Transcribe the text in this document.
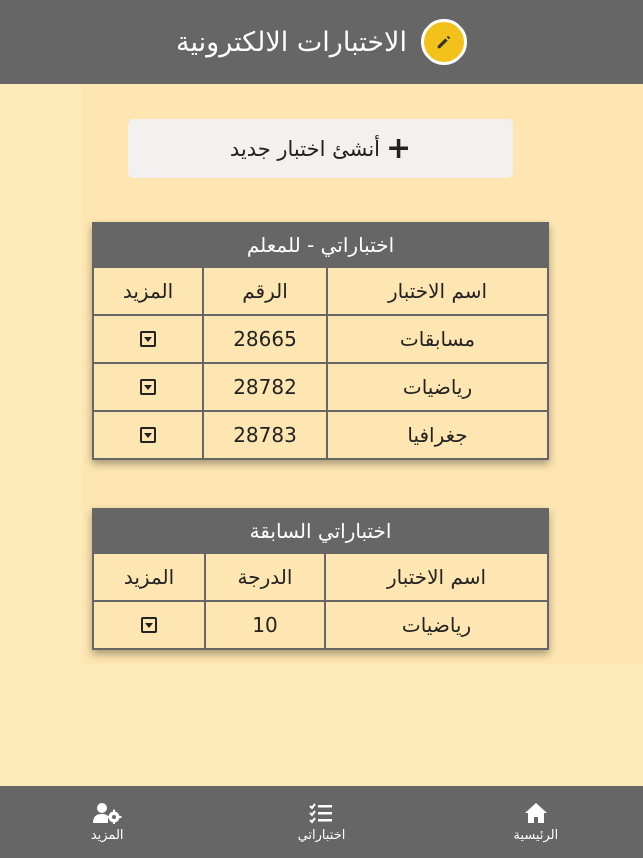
الاختبارات الالكترونية
+
أنشئ اختبار جديد
اختباراتي - للمعلم
اسم الاختبار
الرقم
المزيد
مسابقات
28665
رياضيات
28782
جغرافيا
28783
اختباراتي السابقة
اسم الاختبار
الدرجة
المزيد
رياضيات
10
المزيد	اختباراتي	الرئيسية
